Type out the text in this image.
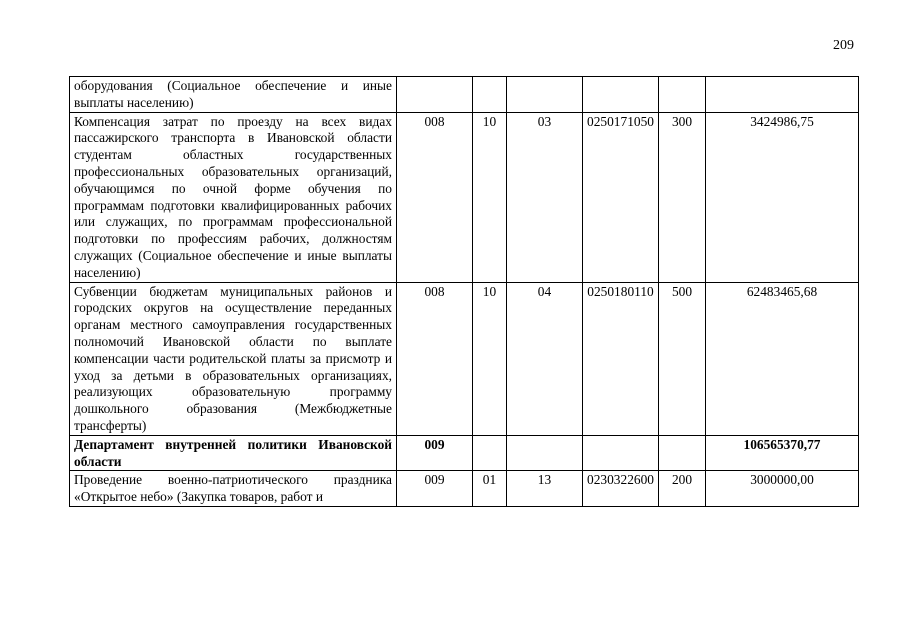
209
оборудования (Социальное обеспечение и иные выплаты населению)						
Компенсация затрат по проезду на всех видах пассажирского транспорта в Ивановской области студентам областных государственных профессиональных образовательных организаций, обучающимся по очной форме обучения по программам подготовки квалифицированных рабочих или служащих, по программам профессиональной подготовки по профессиям рабочих, должностям служащих (Социальное обеспечение и иные выплаты населению)	008	10	03	0250171050	300	3424986,75
Субвенции бюджетам муниципальных районов и городских округов на осуществление переданных органам местного самоуправления государственных полномочий Ивановской области по выплате компенсации части родительской платы за присмотр и уход за детьми в образовательных организациях, реализующих образовательную программу дошкольного образования (Межбюджетные трансферты)	008	10	04	0250180110	500	62483465,68
Департамент внутренней политики Ивановской области	009					106565370,77
Проведение военно-патриотического праздника «Открытое небо» (Закупка товаров, работ и	009	01	13	0230322600	200	3000000,00
